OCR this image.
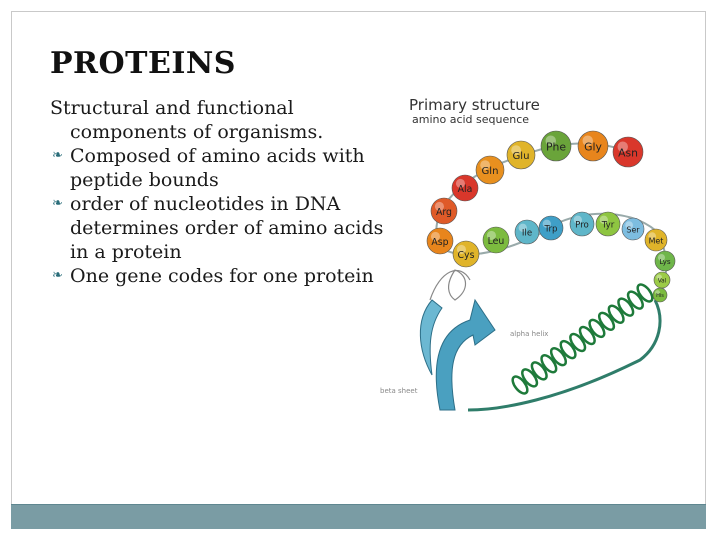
PROTEINS

Structural and functional
components of organisms.

❧ Composed of amino acids with
peptide bounds
❧ order of nucleotides in DNA
determines order of amino acids
in a protein
❧ One gene codes for one protein
Primary structure
amino acid sequence
alpha helix
beta sheet
Asn
Gly
Phe
Glu
Gln
Ala
Arg
Asp
Cys
Leu
Ile Trp Pro Tyr Ser
Met
Lys
Val
His
